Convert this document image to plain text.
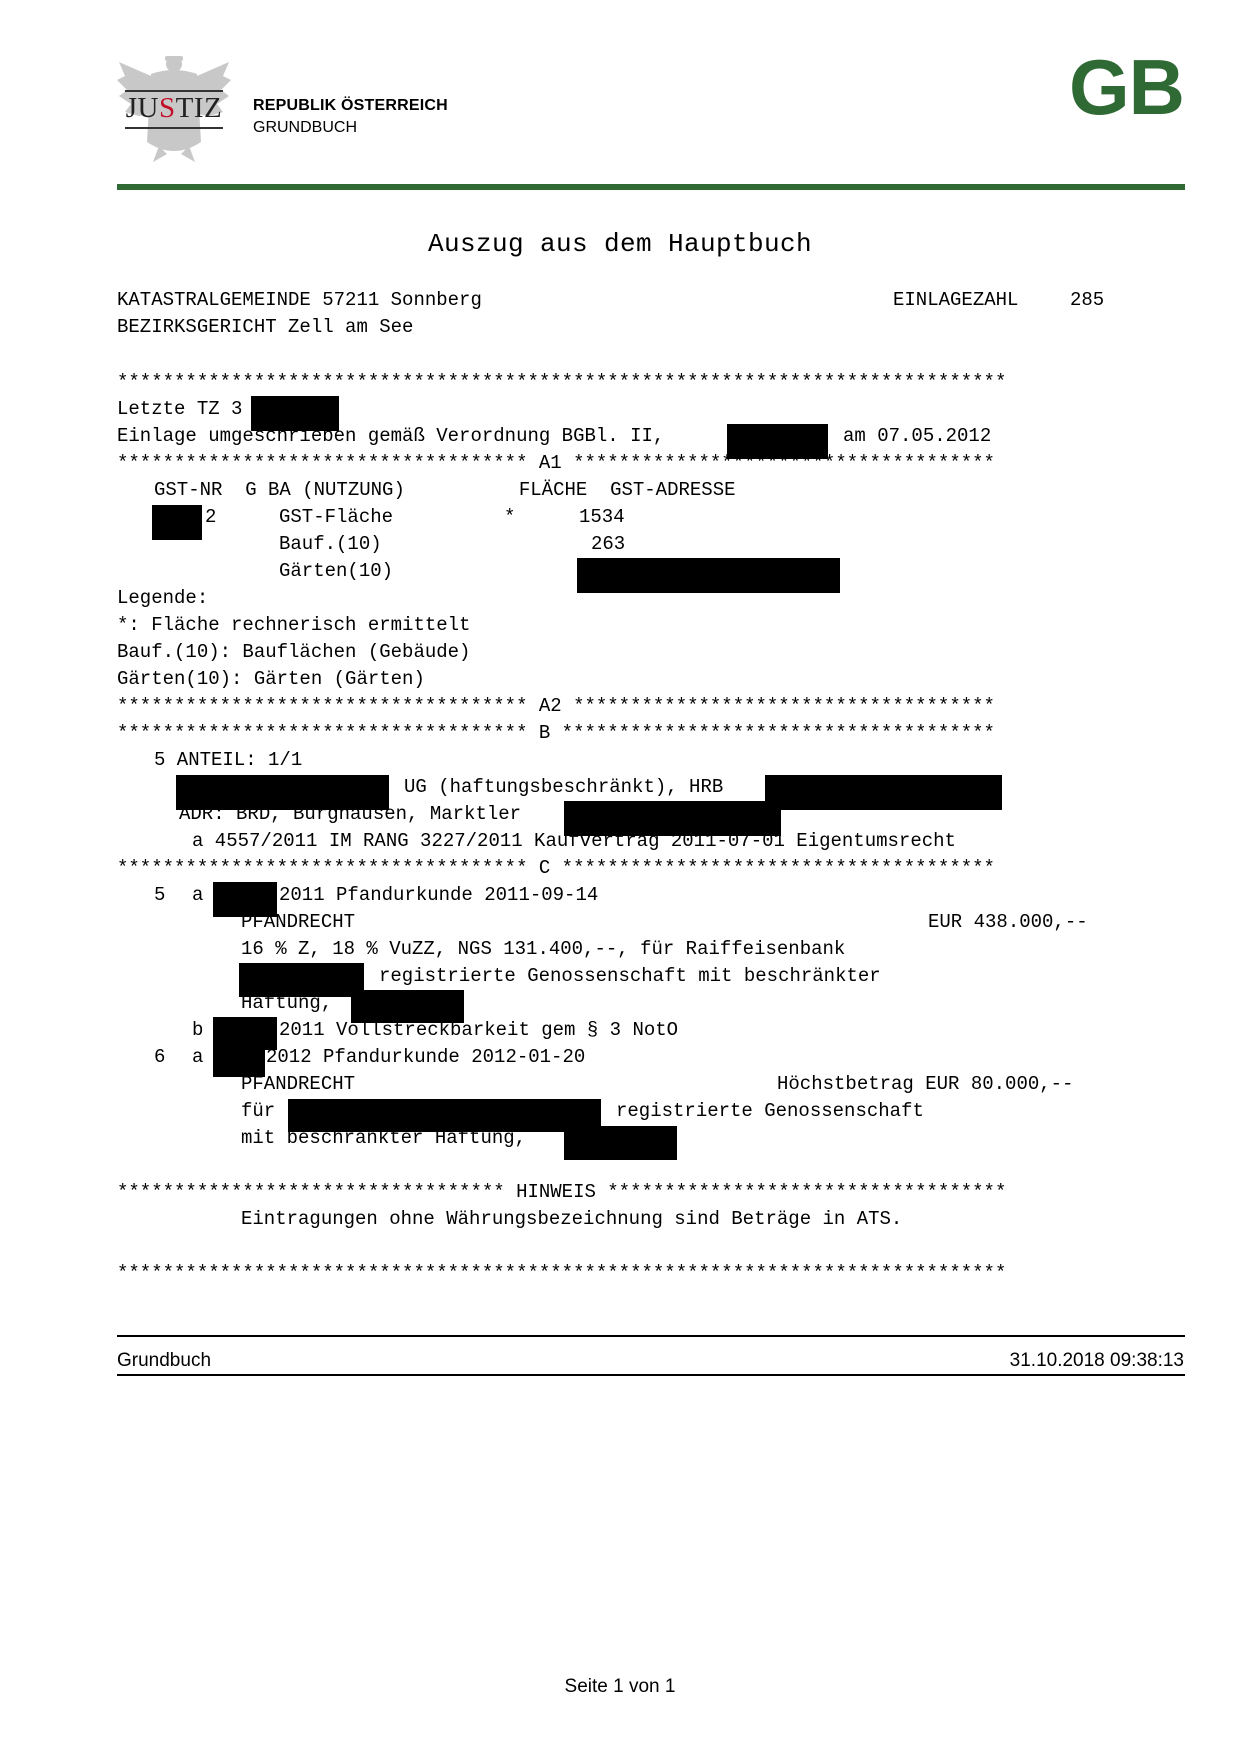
JUSTIZ	REPUBLIK ÖSTERREICH
GRUNDBUCH	GB
Auszug aus dem Hauptbuch
KATASTRALGEMEINDE 57211 Sonnberg	EINLAGEZAHL	285
BEZIRKSGERICHT Zell am See
******************************************************************************
Letzte TZ 3
Einlage umgeschrieben gemäß Verordnung BGBl. II,	am 07.05.2012
************************************ A1 *************************************
GST-NR  G BA (NUTZUNG)          FLÄCHE  GST-ADRESSE
2	GST-Fläche	*	1534
Bauf.(10)	263
Gärten(10)
Legende:
*: Fläche rechnerisch ermittelt
Bauf.(10): Bauflächen (Gebäude)
Gärten(10): Gärten (Gärten)
************************************ A2 *************************************
************************************ B **************************************
5 ANTEIL: 1/1
UG (haftungsbeschränkt), HRB
ADR: BRD, Burghausen, Marktler
a 4557/2011 IM RANG 3227/2011 Kaufvertrag 2011-07-01 Eigentumsrecht
************************************ C **************************************
5 a	2011 Pfandurkunde 2011-09-14
PFANDRECHT	EUR 438.000,--
16 % Z, 18 % VuZZ, NGS 131.400,--, für Raiffeisenbank
registrierte Genossenschaft mit beschränkter
Haftung,
b	2011 Vollstreckbarkeit gem § 3 NotO
6 a	2012 Pfandurkunde 2012-01-20
PFANDRECHT	Höchstbetrag EUR 80.000,--
für	registrierte Genossenschaft
mit beschränkter Haftung,
********************************** HINWEIS ***********************************
Eintragungen ohne Währungsbezeichnung sind Beträge in ATS.
******************************************************************************
Grundbuch	31.10.2018 09:38:13
Seite 1 von 1
